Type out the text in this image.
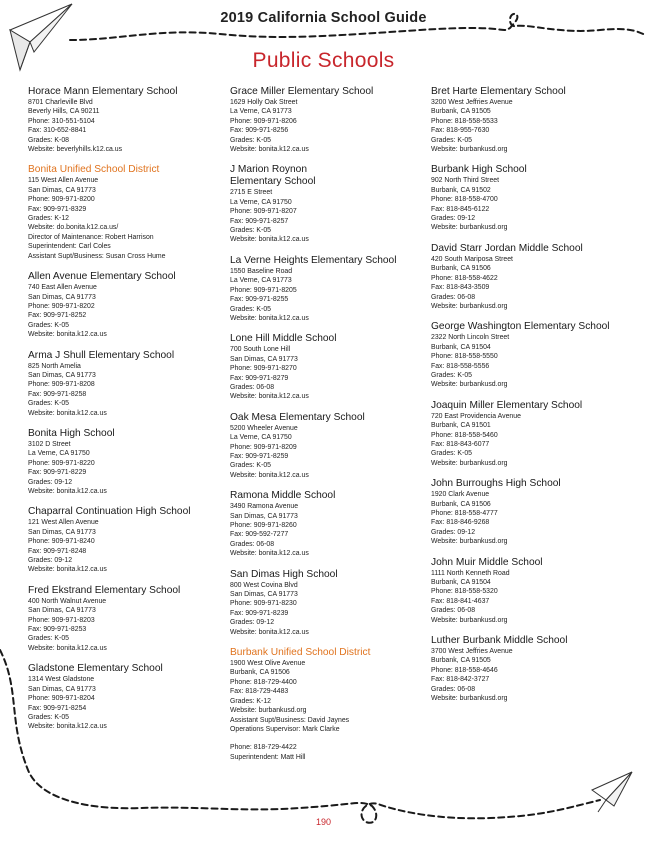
2019 California School Guide
Public Schools
Horace Mann Elementary School
8701 Charleville Blvd
Beverly Hills, CA 90211
Phone: 310-551-5104
Fax: 310-652-8841
Grades: K-08
Website: beverlyhills.k12.ca.us
Bonita Unified School District
115 West Allen Avenue
San Dimas, CA 91773
Phone: 909-971-8200
Fax: 909-971-8329
Grades: K-12
Website: do.bonita.k12.ca.us/
Director of Maintenance: Robert Harrison
Superintendent: Carl Coles
Assistant Supt/Business: Susan Cross Hume
Allen Avenue Elementary School
740 East Allen Avenue
San Dimas, CA 91773
Phone: 909-971-8202
Fax: 909-971-8252
Grades: K-05
Website: bonita.k12.ca.us
Arma J Shull Elementary School
825 North Amelia
San Dimas, CA 91773
Phone: 909-971-8208
Fax: 909-971-8258
Grades: K-05
Website: bonita.k12.ca.us
Bonita High School
3102 D Street
La Verne, CA 91750
Phone: 909-971-8220
Fax: 909-971-8229
Grades: 09-12
Website: bonita.k12.ca.us
Chaparral Continuation High School
121 West Allen Avenue
San Dimas, CA 91773
Phone: 909-971-8240
Fax: 909-971-8248
Grades: 09-12
Website: bonita.k12.ca.us
Fred Ekstrand Elementary School
400 North Walnut Avenue
San Dimas, CA 91773
Phone: 909-971-8203
Fax: 909-971-8253
Grades: K-05
Website: bonita.k12.ca.us
Gladstone Elementary School
1314 West Gladstone
San Dimas, CA 91773
Phone: 909-971-8204
Fax: 909-971-8254
Grades: K-05
Website: bonita.k12.ca.us
Grace Miller Elementary School
1629 Holly Oak Street
La Verne, CA 91773
Phone: 909-971-8206
Fax: 909-971-8256
Grades: K-05
Website: bonita.k12.ca.us
J Marion Roynon Elementary School
2715 E Street
La Verne, CA 91750
Phone: 909-971-8207
Fax: 909-971-8257
Grades: K-05
Website: bonita.k12.ca.us
La Verne Heights Elementary School
1550 Baseline Road
La Verne, CA 91773
Phone: 909-971-8205
Fax: 909-971-8255
Grades: K-05
Website: bonita.k12.ca.us
Lone Hill Middle School
700 South Lone Hill
San Dimas, CA 91773
Phone: 909-971-8270
Fax: 909-971-8279
Grades: 06-08
Website: bonita.k12.ca.us
Oak Mesa Elementary School
5200 Wheeler Avenue
La Verne, CA 91750
Phone: 909-971-8209
Fax: 909-971-8259
Grades: K-05
Website: bonita.k12.ca.us
Ramona Middle School
3490 Ramona Avenue
San Dimas, CA 91773
Phone: 909-971-8260
Fax: 909-592-7277
Grades: 06-08
Website: bonita.k12.ca.us
San Dimas High School
800 West Covina Blvd
San Dimas, CA 91773
Phone: 909-971-8230
Fax: 909-971-8239
Grades: 09-12
Website: bonita.k12.ca.us
Burbank Unified School District
1900 West Olive Avenue
Burbank, CA 91506
Phone: 818-729-4400
Fax: 818-729-4483
Grades: K-12
Website: burbankusd.org
Assistant Supt/Business: David Jaynes
Operations Supervisor: Mark Clarke
Phone: 818-729-4422
Superintendent: Matt Hill
Bret Harte Elementary School
3200 West Jeffries Avenue
Burbank, CA 91505
Phone: 818-558-5533
Fax: 818-955-7630
Grades: K-05
Website: burbankusd.org
Burbank High School
902 North Third Street
Burbank, CA 91502
Phone: 818-558-4700
Fax: 818-845-6122
Grades: 09-12
Website: burbankusd.org
David Starr Jordan Middle School
420 South Mariposa Street
Burbank, CA 91506
Phone: 818-558-4622
Fax: 818-843-3509
Grades: 06-08
Website: burbankusd.org
George Washington Elementary School
2322 North Lincoln Street
Burbank, CA 91504
Phone: 818-558-5550
Fax: 818-558-5556
Grades: K-05
Website: burbankusd.org
Joaquin Miller Elementary School
720 East Providencia Avenue
Burbank, CA 91501
Phone: 818-558-5460
Fax: 818-843-6077
Grades: K-05
Website: burbankusd.org
John Burroughs High School
1920 Clark Avenue
Burbank, CA 91506
Phone: 818-558-4777
Fax: 818-846-9268
Grades: 09-12
Website: burbankusd.org
John Muir Middle School
1111 North Kenneth Road
Burbank, CA 91504
Phone: 818-558-5320
Fax: 818-841-4637
Grades: 06-08
Website: burbankusd.org
Luther Burbank Middle School
3700 West Jeffries Avenue
Burbank, CA 91505
Phone: 818-558-4646
Fax: 818-842-3727
Grades: 06-08
Website: burbankusd.org
190
